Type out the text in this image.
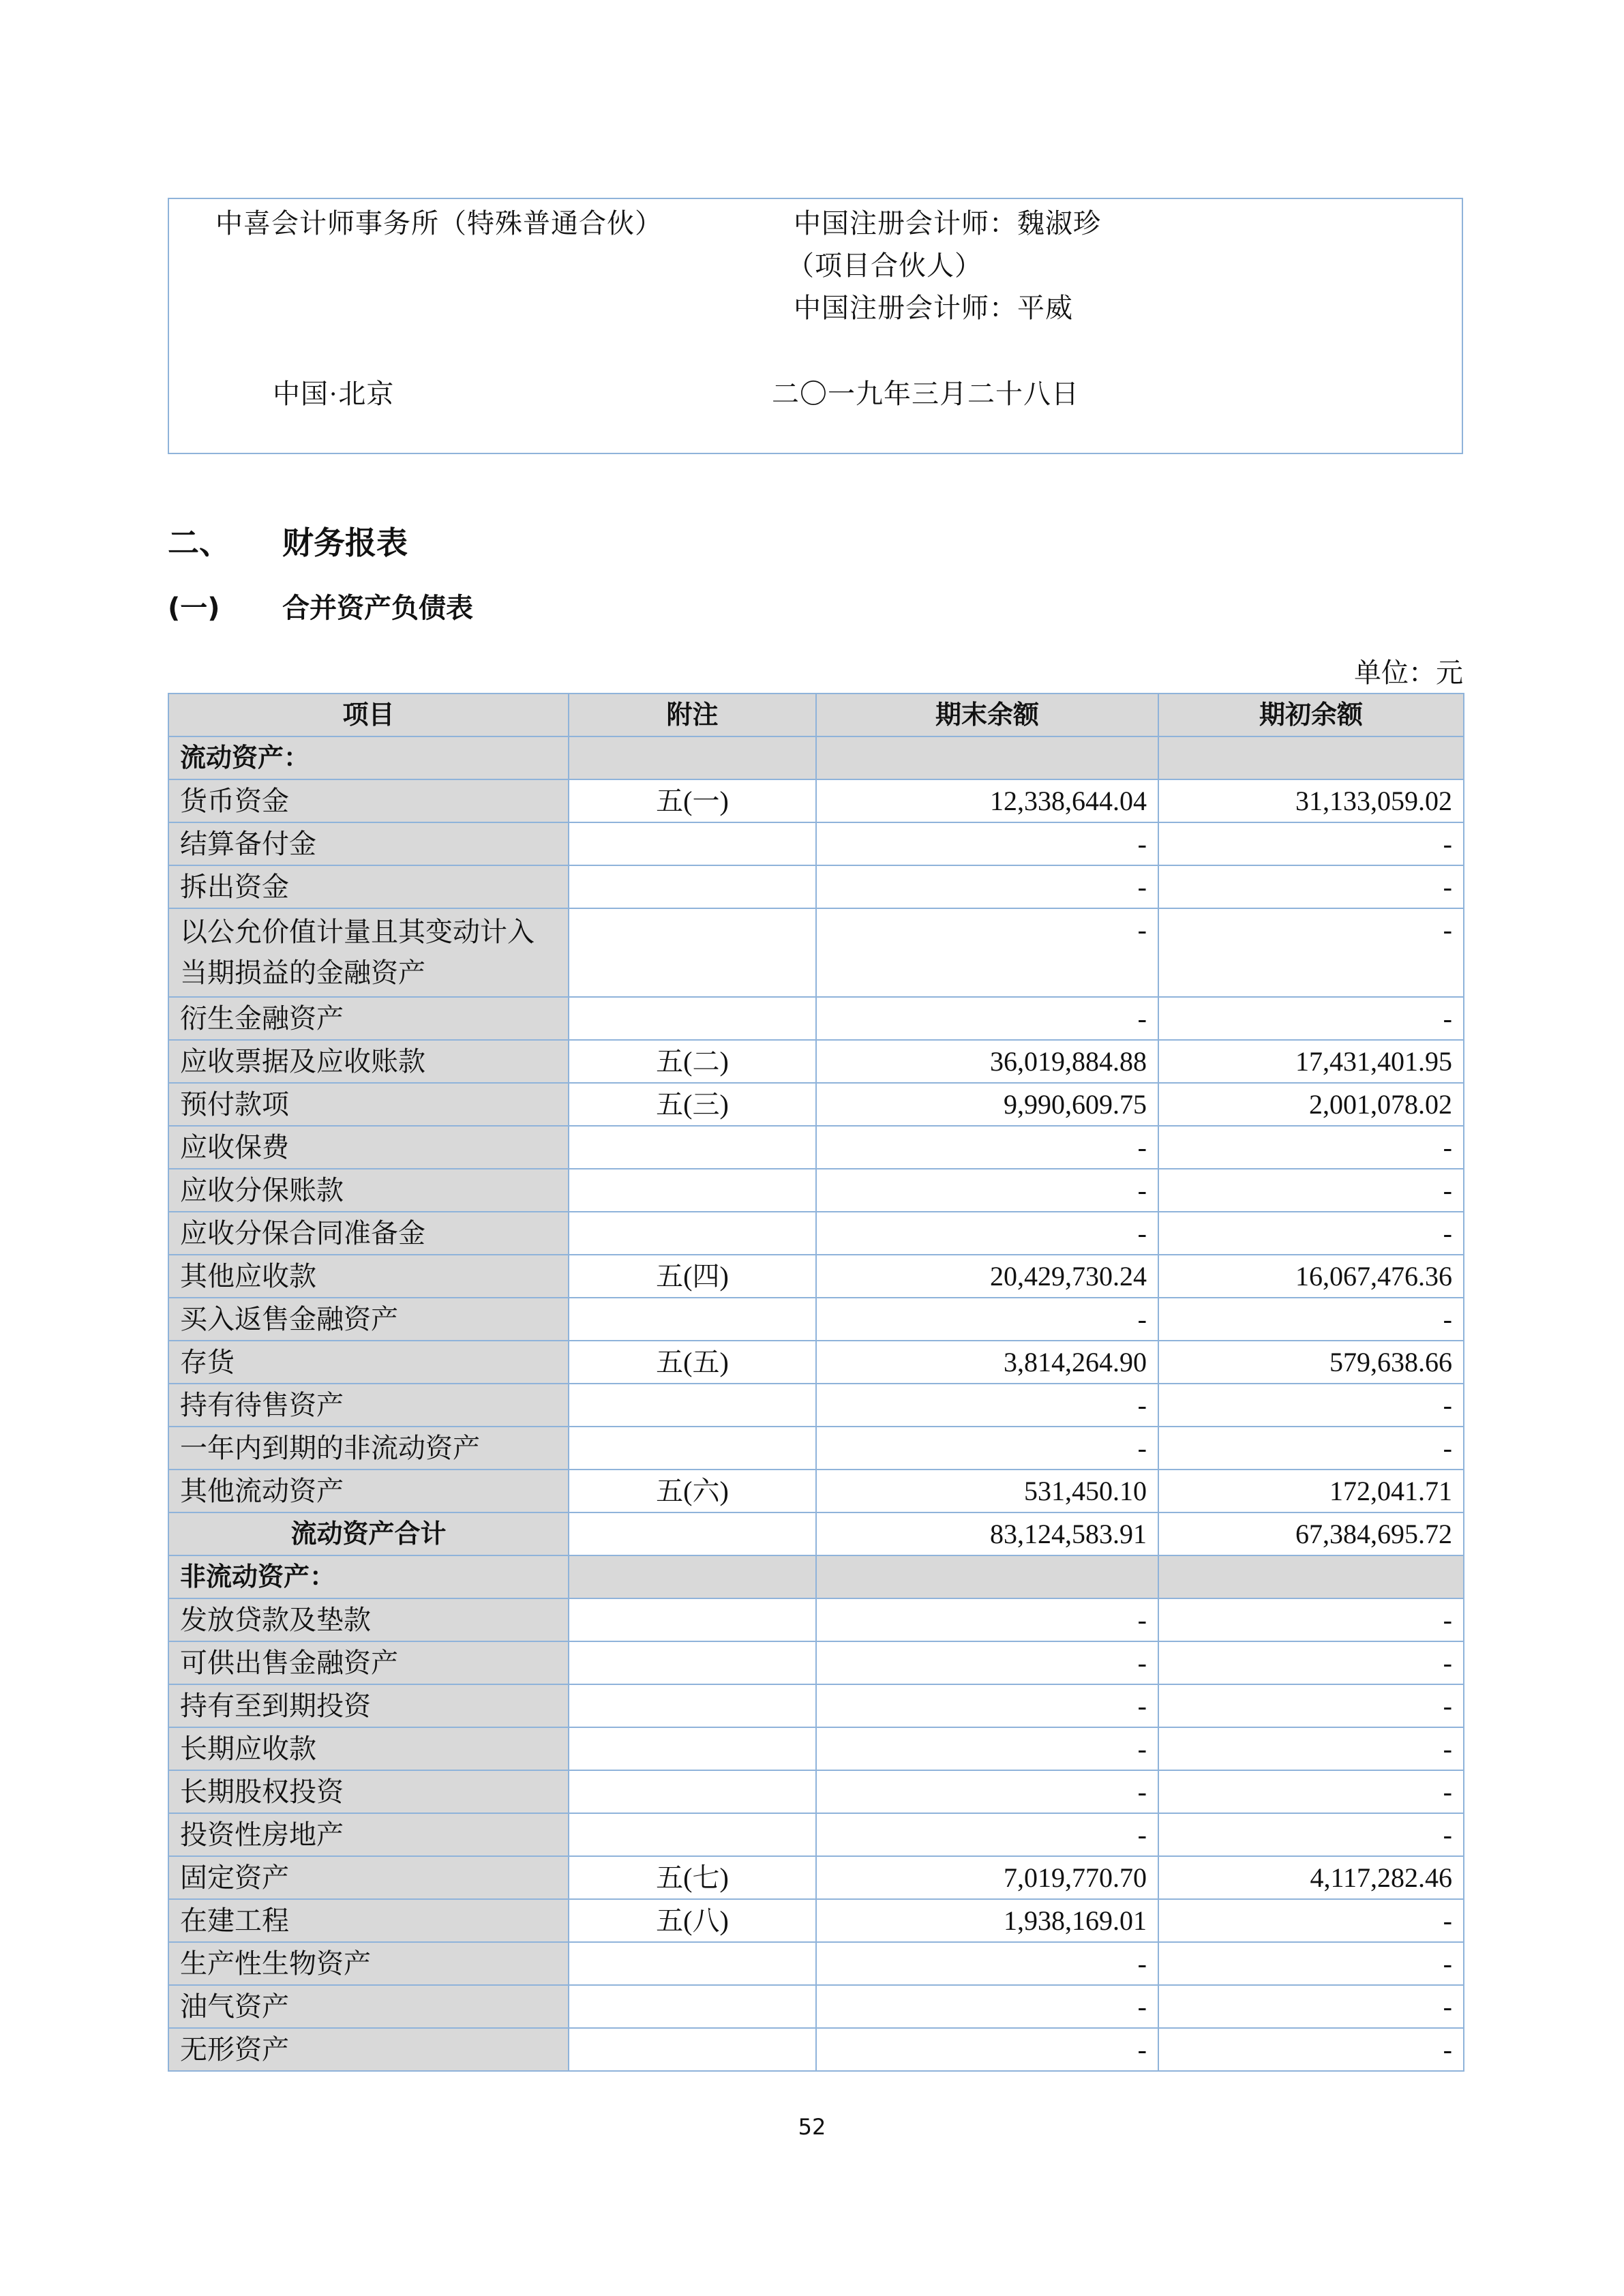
中喜会计师事务所（特殊普通合伙）	中国注册会计师：魏淑珍
（项目合伙人）
中国注册会计师：平威
中国·北京	二〇一九年三月二十八日
二、 财务报表
(一) 合并资产负债表
单位：元
项目	附注	期末余额	期初余额
流动资产：			
货币资金	五(一)	12,338,644.04	31,133,059.02
结算备付金		-	-
拆出资金		-	-
以公允价值计量且其变动计入当期损益的金融资产		-	-
衍生金融资产		-	-
应收票据及应收账款	五(二)	36,019,884.88	17,431,401.95
预付款项	五(三)	9,990,609.75	2,001,078.02
应收保费		-	-
应收分保账款		-	-
应收分保合同准备金		-	-
其他应收款	五(四)	20,429,730.24	16,067,476.36
买入返售金融资产		-	-
存货	五(五)	3,814,264.90	579,638.66
持有待售资产		-	-
一年内到期的非流动资产		-	-
其他流动资产	五(六)	531,450.10	172,041.71
流动资产合计		83,124,583.91	67,384,695.72
非流动资产：			
发放贷款及垫款		-	-
可供出售金融资产		-	-
持有至到期投资		-	-
长期应收款		-	-
长期股权投资		-	-
投资性房地产		-	-
固定资产	五(七)	7,019,770.70	4,117,282.46
在建工程	五(八)	1,938,169.01	-
生产性生物资产		-	-
油气资产		-	-
无形资产		-	-
52
